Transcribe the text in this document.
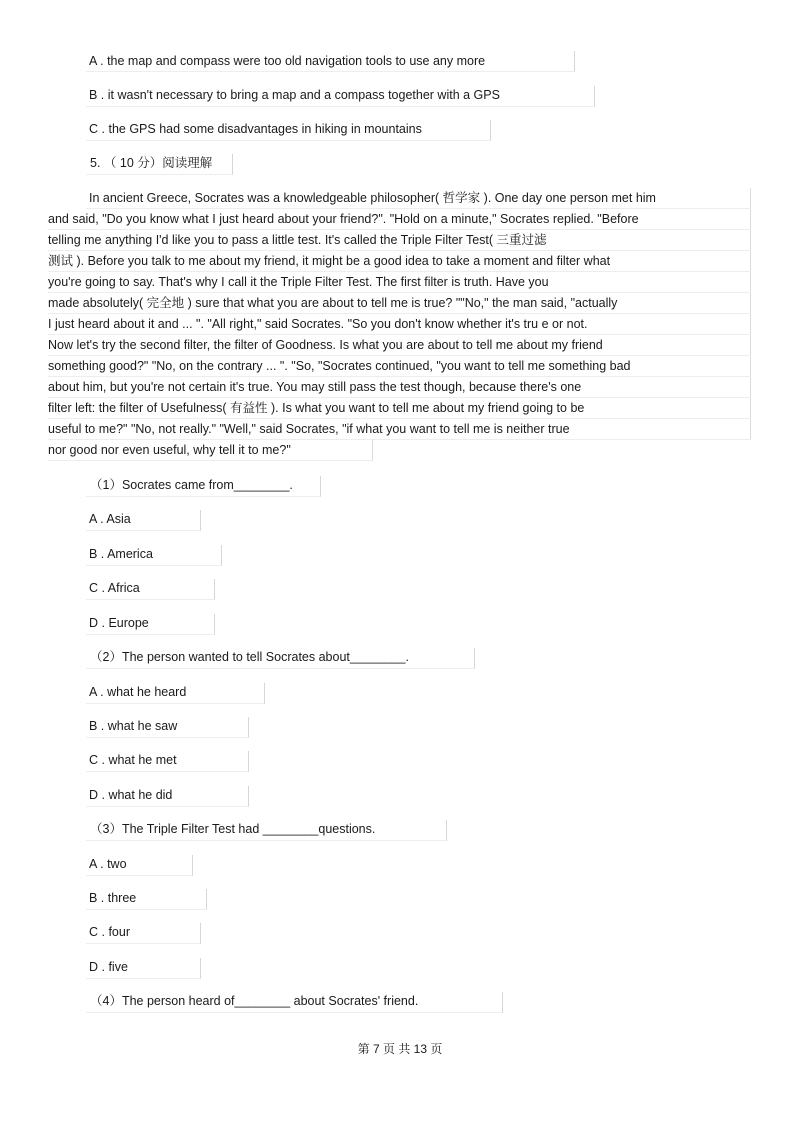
A . the map and compass were too old navigation tools to use any more
B . it wasn't necessary to bring a map and a compass together with a GPS
C . the GPS had some disadvantages in hiking in mountains
5. （ 10 分）阅读理解
In ancient Greece, Socrates was a knowledgeable philosopher( 哲学家 ). One day one person met him
and said, "Do you know what I just heard about your friend?". "Hold on a minute," Socrates replied. "Before
telling me anything I'd like you to pass a little test. It's called the Triple Filter Test( 三重过滤
测试 ). Before you talk to me about my friend, it might be a good idea to take a moment and filter what
you're going to say. That's why I call it the Triple Filter Test. The first filter is truth. Have you
made absolutely( 完全地 ) sure that what you are about to tell me is true? ""No," the man said, "actually
I just heard about it and ... ". "All right," said Socrates. "So you don't know whether it's tru e or not.
Now let's try the second filter, the filter of Goodness. Is what you are about to tell me about my friend
something good?" "No, on the contrary ... ". "So, "Socrates continued, "you want to tell me something bad
about him, but you're not certain it's true. You may still pass the test though, because there's one
filter left: the filter of Usefulness( 有益性 ). Is what you want to tell me about my friend going to be
useful to me?" "No, not really." "Well," said Socrates, "if what you want to tell me is neither true
nor good nor even useful, why tell it to me?"
（1）Socrates came from________.
A . Asia
B . America
C . Africa
D . Europe
（2）The person wanted to tell Socrates about________.
A . what he heard
B . what he saw
C . what he met
D . what he did
（3）The Triple Filter Test had ________questions.
A . two
B . three
C . four
D . five
（4）The person heard of________ about Socrates' friend.
第 7 页 共 13 页
